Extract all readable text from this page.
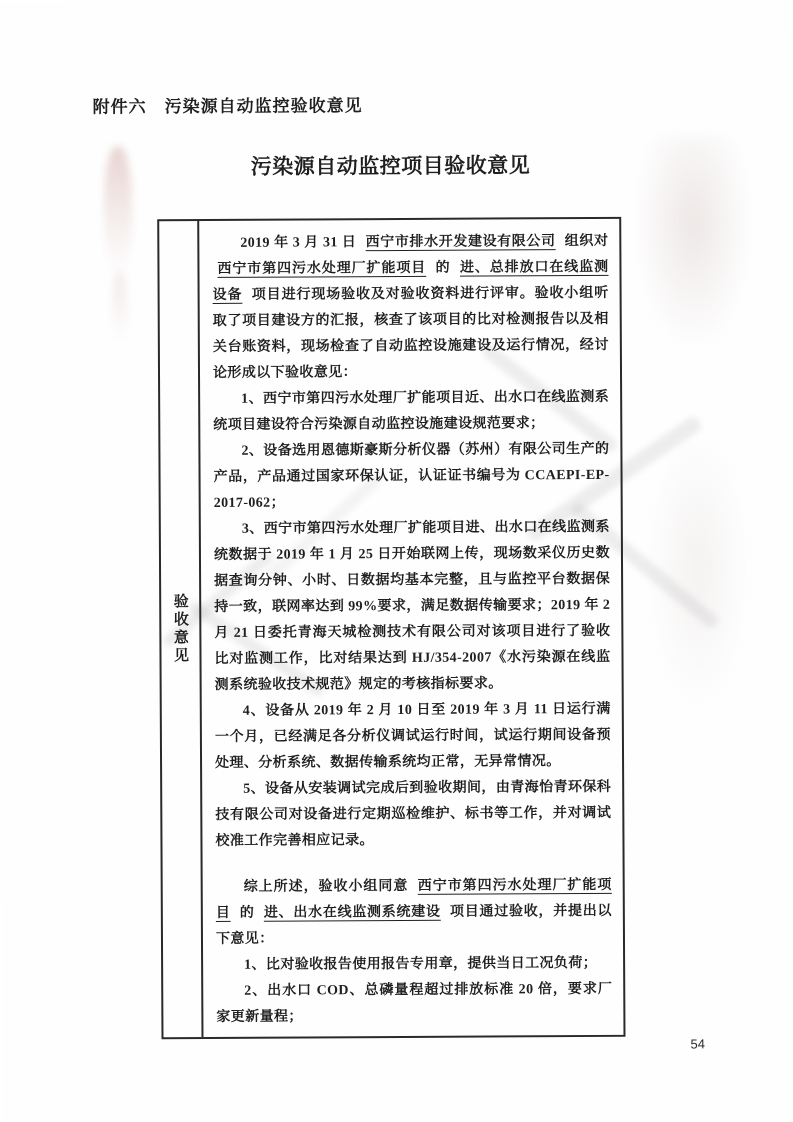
附件六　污染源自动监控验收意见
污染源自动监控项目验收意见
验收意见

2019 年 3 月 31 日 西宁市排水开发建设有限公司 组织对 西宁市第四污水处理厂扩能项目 的 进、总排放口在线监测设备 项目进行现场验收及对验收资料进行评审。验收小组听取了项目建设方的汇报，核查了该项目的比对检测报告以及相关台账资料，现场检查了自动监控设施建设及运行情况，经讨论形成以下验收意见：

1、西宁市第四污水处理厂扩能项目近、出水口在线监测系统项目建设符合污染源自动监控设施建设规范要求；

2、设备选用恩德斯豪斯分析仪器（苏州）有限公司生产的产品，产品通过国家环保认证，认证证书编号为 CCAEPI-EP-2017-062；

3、西宁市第四污水处理厂扩能项目进、出水口在线监测系统数据于 2019 年 1 月 25 日开始联网上传，现场数采仪历史数据查询分钟、小时、日数据均基本完整，且与监控平台数据保持一致，联网率达到 99%要求，满足数据传输要求；2019 年 2 月 21 日委托青海天城检测技术有限公司对该项目进行了验收比对监测工作，比对结果达到 HJ/354-2007《水污染源在线监测系统验收技术规范》规定的考核指标要求。

4、设备从 2019 年 2 月 10 日至 2019 年 3 月 11 日运行满一个月，已经满足各分析仪调试运行时间，试运行期间设备预处理、分析系统、数据传输系统均正常，无异常情况。

5、设备从安装调试完成后到验收期间，由青海怡青环保科技有限公司对设备进行定期巡检维护、标书等工作，并对调试校准工作完善相应记录。

综上所述，验收小组同意 西宁市第四污水处理厂扩能项目 的 进、出水在线监测系统建设 项目通过验收，并提出以下意见：

1、比对验收报告使用报告专用章，提供当日工况负荷；

2、出水口 COD、总磷量程超过排放标准 20 倍，要求厂家更新量程；

54
